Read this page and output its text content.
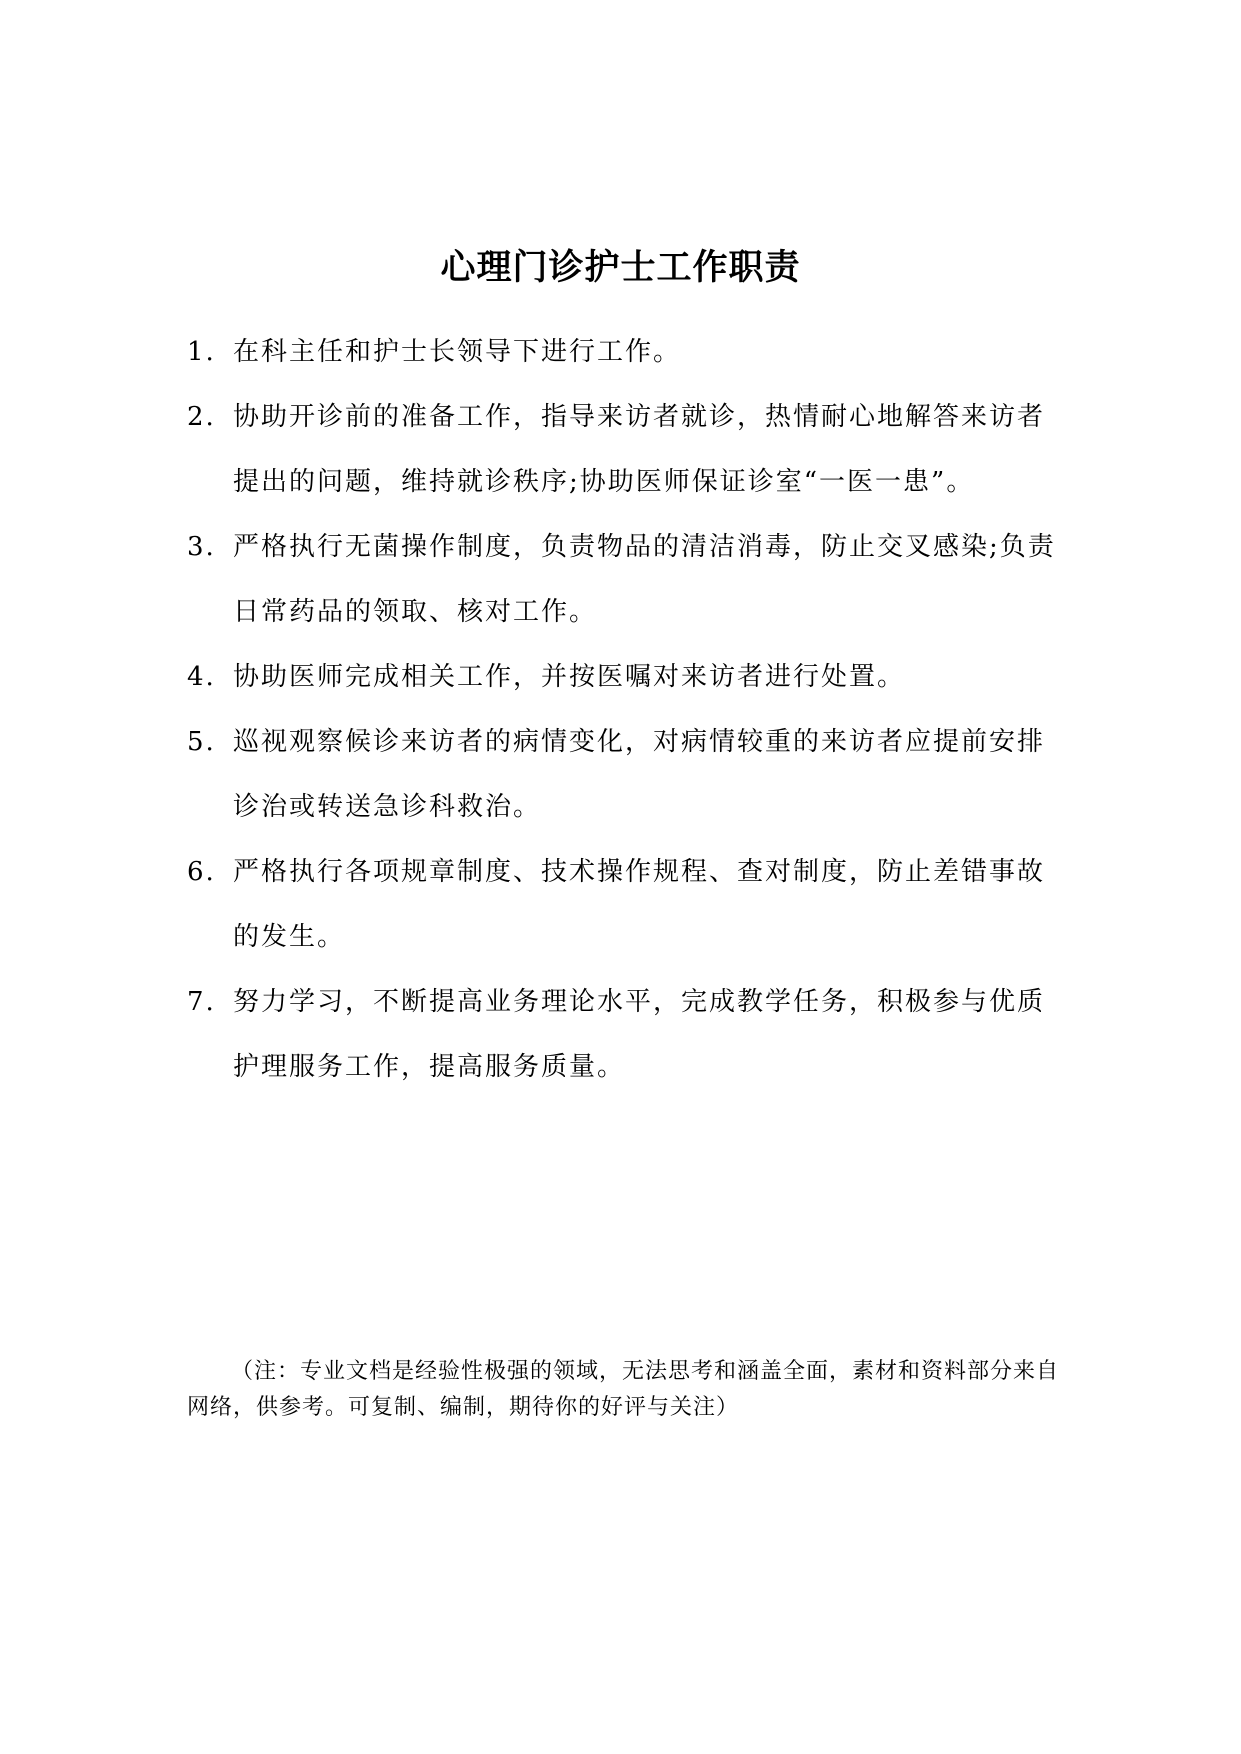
心理门诊护士工作职责
1. 在科主任和护士长领导下进行工作。
2. 协助开诊前的准备工作，指导来访者就诊，热情耐心地解答来访者提出的问题，维持就诊秩序;协助医师保证诊室“一医一患”。
3. 严格执行无菌操作制度，负责物品的清洁消毒，防止交叉感染;负责日常药品的领取、核对工作。
4. 协助医师完成相关工作，并按医嘱对来访者进行处置。
5. 巡视观察候诊来访者的病情变化，对病情较重的来访者应提前安排诊治或转送急诊科救治。
6. 严格执行各项规章制度、技术操作规程、查对制度，防止差错事故的发生。
7. 努力学习，不断提高业务理论水平，完成教学任务，积极参与优质护理服务工作，提高服务质量。
（注：专业文档是经验性极强的领域，无法思考和涵盖全面，素材和资料部分来自网络，供参考。可复制、编制，期待你的好评与关注）
